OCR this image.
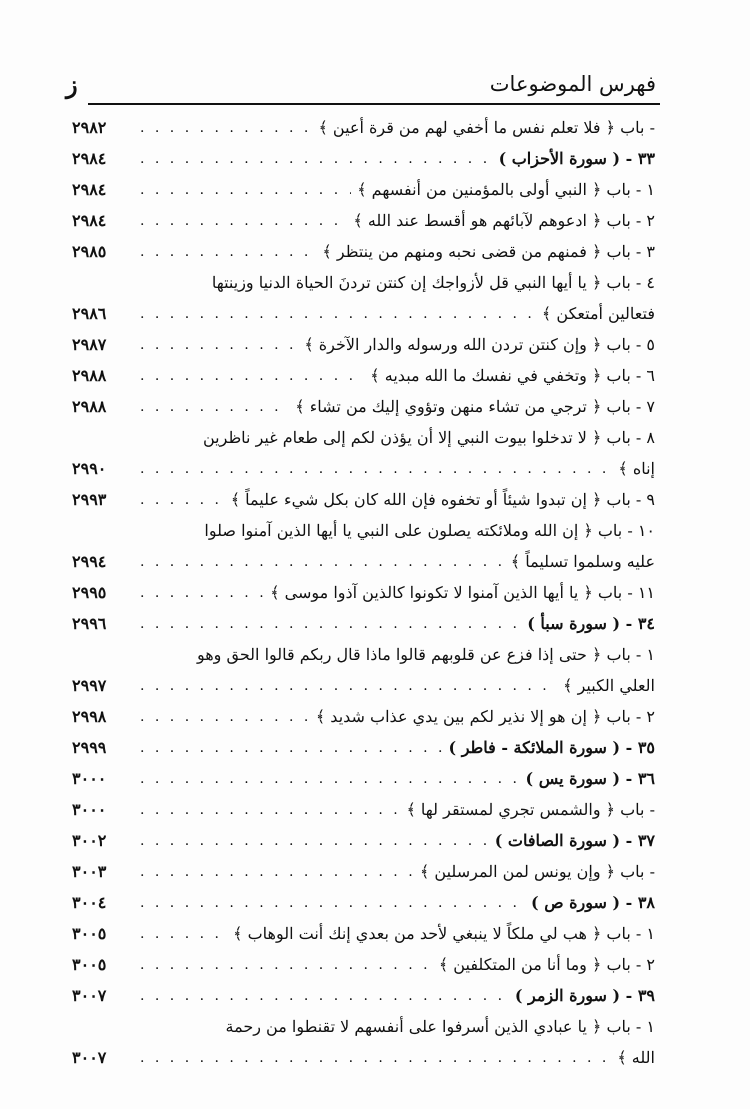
فهرس الموضوعات
ز
- باب ﴿ فلا تعلم نفس ما أخفي لهم من قرة أعين ﴾
. . .
٢٩٨٢
٣٣ - ( سورة الأحزاب )
. . .
٢٩٨٤
١ - باب ﴿ النبي أولى بالمؤمنين من أنفسهم ﴾
. . .
٢٩٨٤
٢ - باب ﴿ ادعوهم لآبائهم هو أقسط عند الله ﴾
. . .
٢٩٨٤
٣ - باب ﴿ فمنهم من قضى نحبه ومنهم من ينتظر ﴾
. . .
٢٩٨٥
٤ - باب ﴿ يا أيها النبي قل لأزواجك إن كنتن تردنَ الحياة الدنيا وزينتها
فتعالين أمتعكن ﴾
. . .
٢٩٨٦
٥ - باب ﴿ وإن كنتن تردن الله ورسوله والدار الآخرة ﴾
. . .
٢٩٨٧
٦ - باب ﴿ وتخفي في نفسك ما الله مبديه ﴾
. . .
٢٩٨٨
٧ - باب ﴿ ترجي من تشاء منهن وتؤوي إليك من تشاء ﴾
. . .
٢٩٨٨
٨ - باب ﴿ لا تدخلوا بيوت النبي إلا أن يؤذن لكم إلى طعام غير ناظرين
إناه ﴾
. . .
٢٩٩٠
٩ - باب ﴿ إن تبدوا شيئاً أو تخفوه فإن الله كان بكل شيء عليماً ﴾
. . .
٢٩٩٣
١٠ - باب ﴿ إن الله وملائكته يصلون على النبي يا أيها الذين آمنوا صلوا
عليه وسلموا تسليماً ﴾
. . .
٢٩٩٤
١١ - باب ﴿ يا أيها الذين آمنوا لا تكونوا كالذين آذوا موسى ﴾
. . .
٢٩٩٥
٣٤ - ( سورة سبأ )
. . .
٢٩٩٦
١ - باب ﴿ حتى إذا فزع عن قلوبهم قالوا ماذا قال ربكم قالوا الحق وهو
العلي الكبير ﴾
. . .
٢٩٩٧
٢ - باب ﴿ إن هو إلا نذير لكم بين يدي عذاب شديد ﴾
. . .
٢٩٩٨
٣٥ - ( سورة الملائكة - فاطر )
. . .
٢٩٩٩
٣٦ - ( سورة يس )
. . .
٣٠٠٠
- باب ﴿ والشمس تجري لمستقر لها ﴾
. . .
٣٠٠٠
٣٧ - ( سورة الصافات )
. . .
٣٠٠٢
- باب ﴿ وإن يونس لمن المرسلين ﴾
. . .
٣٠٠٣
٣٨ - ( سورة ص )
. . .
٣٠٠٤
١ - باب ﴿ هب لي ملكاً لا ينبغي لأحد من بعدي إنك أنت الوهاب ﴾
. . .
٣٠٠٥
٢ - باب ﴿ وما أنا من المتكلفين ﴾
. . .
٣٠٠٥
٣٩ - ( سورة الزمر )
. . .
٣٠٠٧
١ - باب ﴿ يا عبادي الذين أسرفوا على أنفسهم لا تقنطوا من رحمة
الله ﴾
. . .
٣٠٠٧
